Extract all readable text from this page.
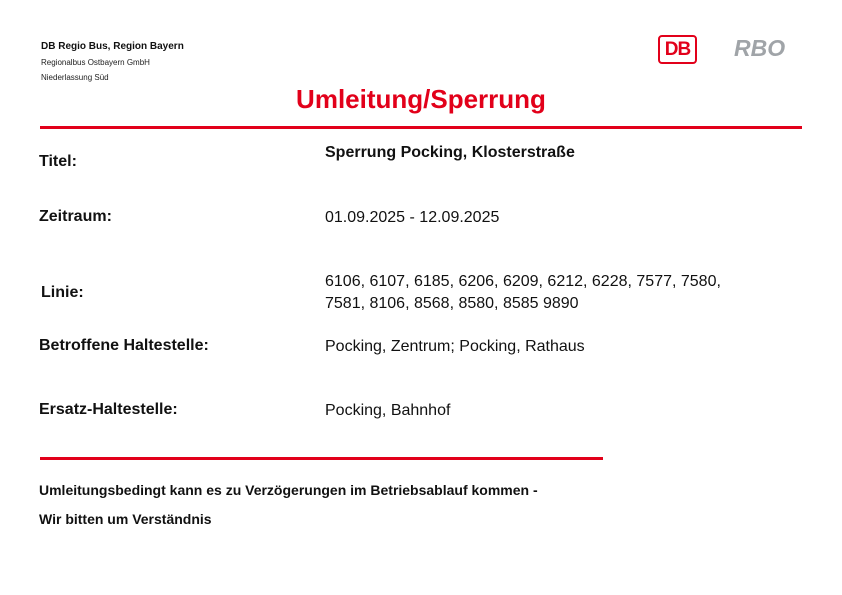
DB Regio Bus, Region Bayern
Regionalbus Ostbayern GmbH
Niederlassung Süd
DB RBO
Umleitung/Sperrung
Titel:
Sperrung Pocking, Klosterstraße
Zeitraum:	01.09.2025 - 12.09.2025
Linie:
6106, 6107, 6185, 6206, 6209, 6212, 6228, 7577, 7580,
7581, 8106, 8568, 8580, 8585 9890
Betroffene Haltestelle:	Pocking, Zentrum; Pocking, Rathaus
Ersatz-Haltestelle:	Pocking, Bahnhof
Umleitungsbedingt kann es zu Verzögerungen im Betriebsablauf kommen -
Wir bitten um Verständnis
